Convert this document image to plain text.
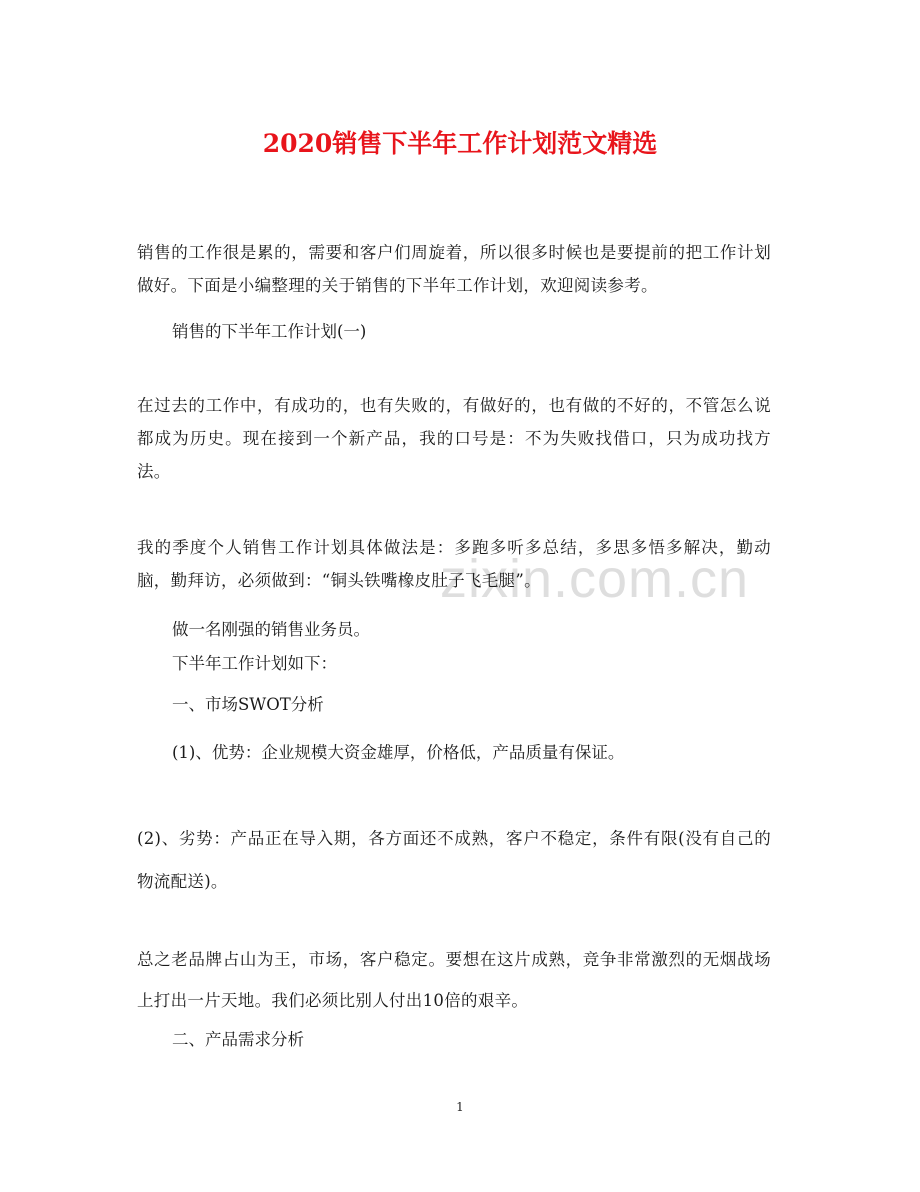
zixin.com.cn
2020销售下半年工作计划范文精选
销售的工作很是累的，需要和客户们周旋着，所以很多时候也是要提前的把工作计划做好。下面是小编整理的关于销售的下半年工作计划，欢迎阅读参考。
销售的下半年工作计划(一)
在过去的工作中，有成功的，也有失败的，有做好的，也有做的不好的，不管怎么说都成为历史。现在接到一个新产品，我的口号是：不为失败找借口，只为成功找方法。
我的季度个人销售工作计划具体做法是：多跑多听多总结，多思多悟多解决，勤动脑，勤拜访，必须做到：“铜头铁嘴橡皮肚子飞毛腿”。
做一名刚强的销售业务员。
下半年工作计划如下：
一、市场SWOT分析
(1)、优势：企业规模大资金雄厚，价格低，产品质量有保证。
(2)、劣势：产品正在导入期，各方面还不成熟，客户不稳定，条件有限(没有自己的物流配送)。
总之老品牌占山为王，市场，客户稳定。要想在这片成熟，竞争非常激烈的无烟战场上打出一片天地。我们必须比别人付出10倍的艰辛。
二、产品需求分析
1
